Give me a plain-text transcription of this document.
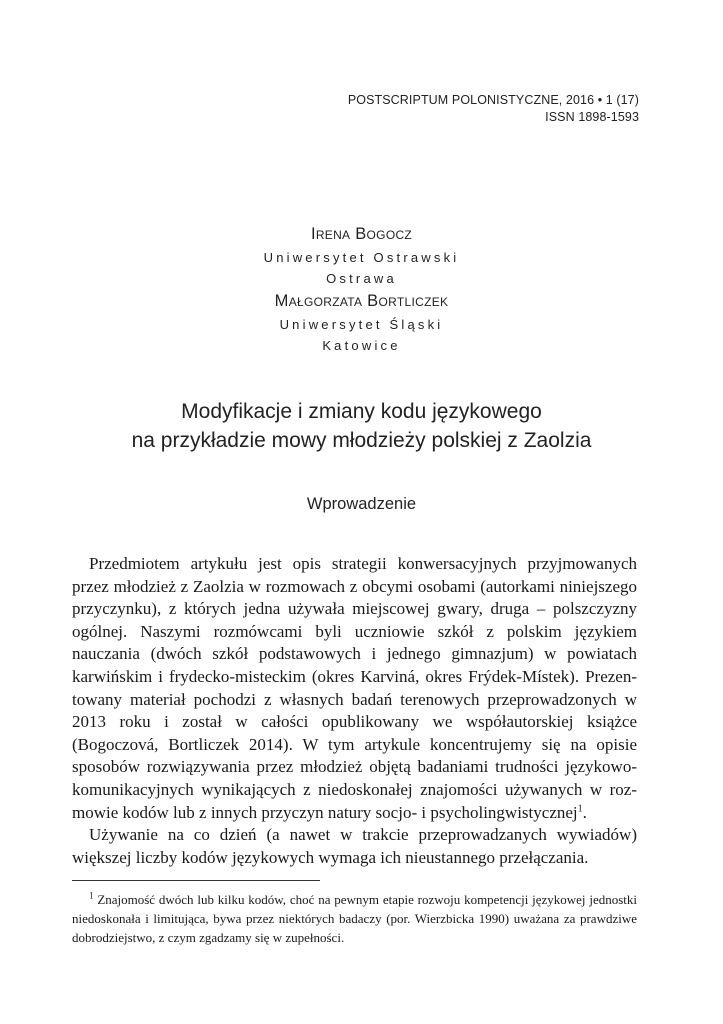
POSTSCRIPTUM POLONISTYCZNE, 2016 • 1 (17)
ISSN 1898-1593
Irena Bogocz
Uniwersytet Ostrawski
Ostrawa
Małgorzata Bortliczek
Uniwersytet Śląski
Katowice
Modyfikacje i zmiany kodu językowego
na przykładzie mowy młodzieży polskiej z Zaolzia
Wprowadzenie

Przedmiotem artykułu jest opis strategii konwersacyjnych przyjmowanych przez młodzież z Zaolzia w rozmowach z obcymi osobami (autorkami niniejszego przyczynku), z których jedna używała miejscowej gwary, druga – polszczyzny ogólnej. Naszymi rozmówcami byli uczniowie szkół z polskim językiem nauczania (dwóch szkół podstawowych i jednego gimnazjum) w powiatach karwińskim i frydecko-misteckim (okres Karviná, okres Frýdek-Místek). Prezentowany materiał pochodzi z własnych badań terenowych przeprowadzonych w 2013 roku i został w całości opublikowany we współautorskiej książce (Bogoczová, Bortliczek 2014). W tym artykule koncentrujemy się na opisie sposobów rozwiązywania przez młodzież objętą badaniami trudności językowo-komunikacyjnych wynikających z niedoskonałej znajomości używanych w rozmowie kodów lub z innych przyczyn natury socjo- i psycholingwistycznej$^1$.

Używanie na co dzień (a nawet w trakcie przeprowadzanych wywiadów) większej liczby kodów językowych wymaga ich nieustannego przełączania.

$^1$ Znajomość dwóch lub kilku kodów, choć na pewnym etapie rozwoju kompetencji językowej jednostki niedoskonała i limitująca, bywa przez niektórych badaczy (por. Wierzbicka 1990) uważana za prawdziwe dobrodziejstwo, z czym zgadzamy się w zupełności.
